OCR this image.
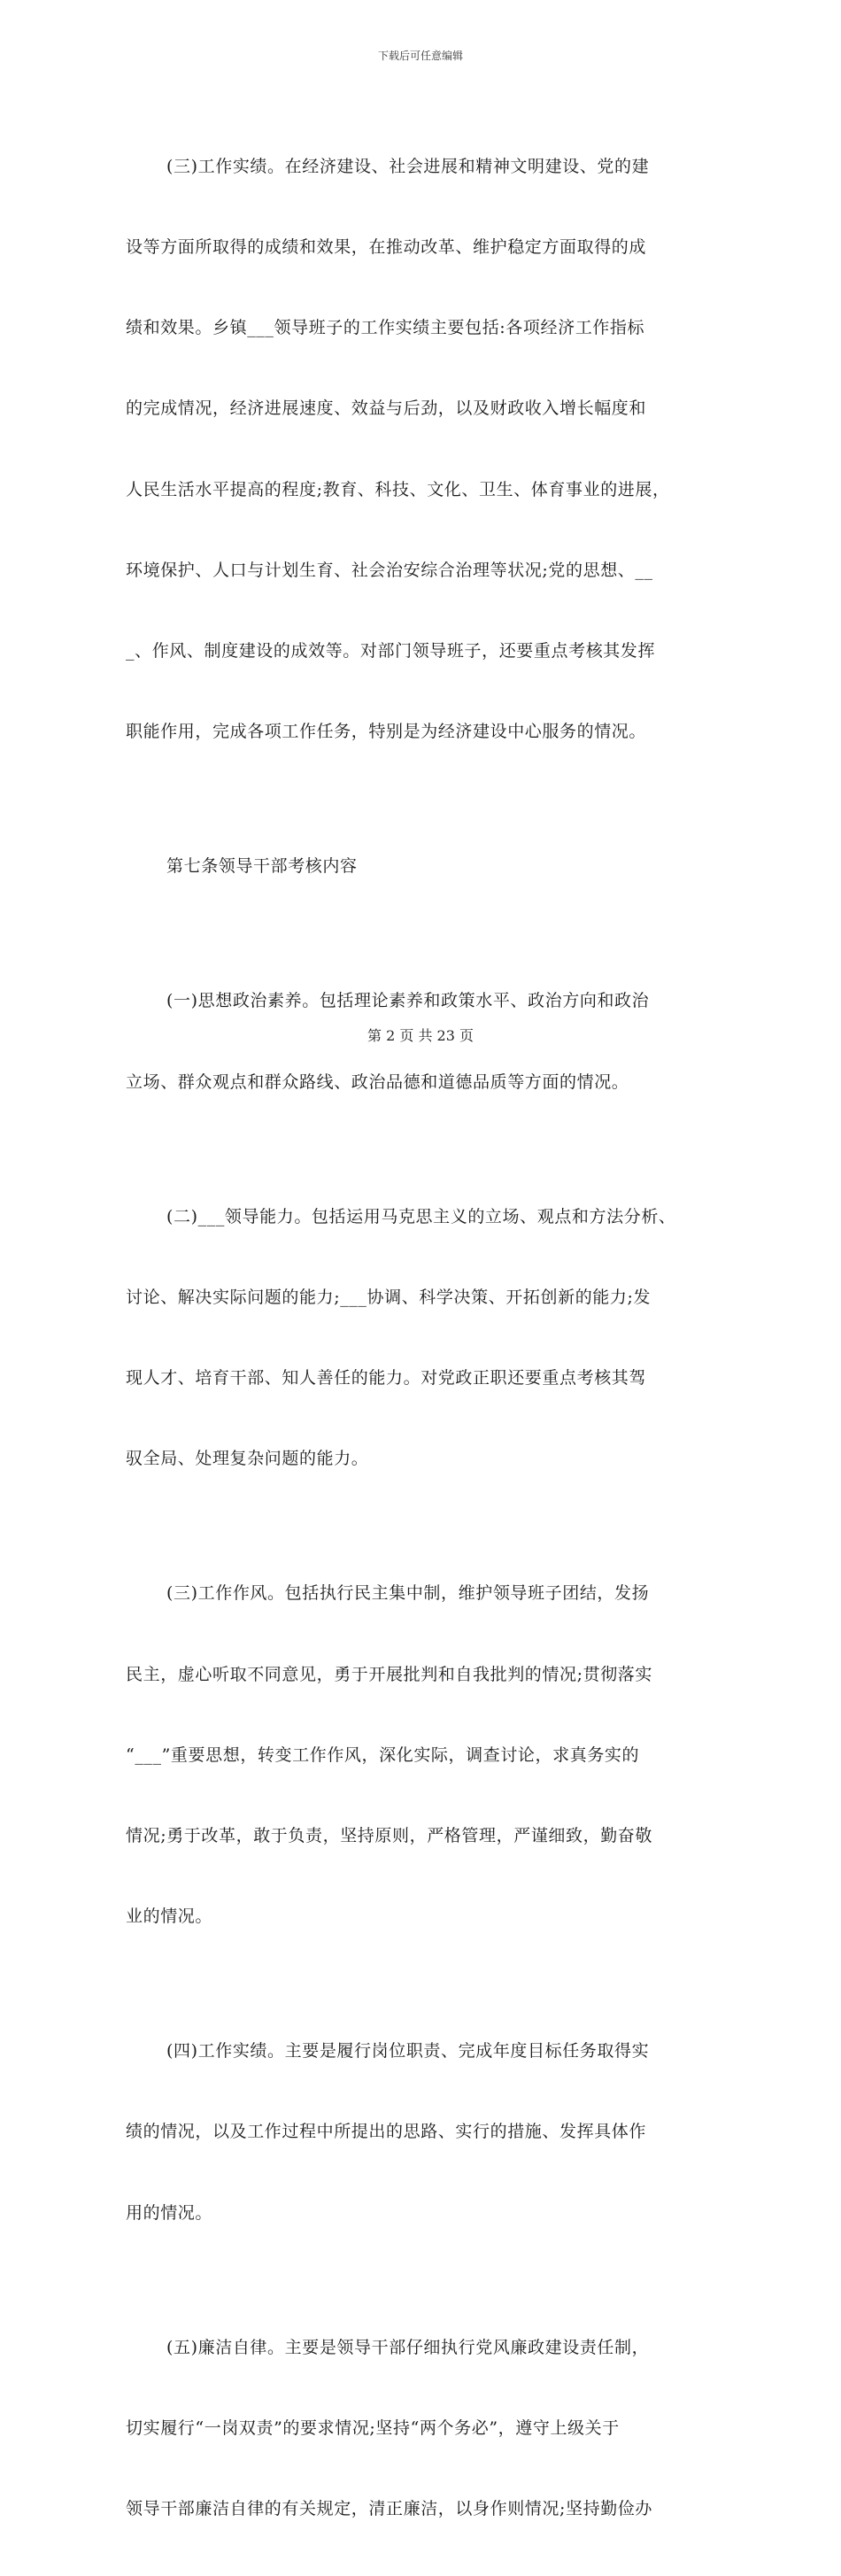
下载后可任意编辑

(三)工作实绩。在经济建设、社会进展和精神文明建设、党的建

设等方面所取得的成绩和效果，在推动改革、维护稳定方面取得的成

绩和效果。乡镇___领导班子的工作实绩主要包括:各项经济工作指标

的完成情况，经济进展速度、效益与后劲，以及财政收入增长幅度和

人民生活水平提高的程度;教育、科技、文化、卫生、体育事业的进展，

环境保护、人口与计划生育、社会治安综合治理等状况;党的思想、__

_、作风、制度建设的成效等。对部门领导班子，还要重点考核其发挥

职能作用，完成各项工作任务，特别是为经济建设中心服务的情况。

第七条领导干部考核内容

(一)思想政治素养。包括理论素养和政策水平、政治方向和政治

立场、群众观点和群众路线、政治品德和道德品质等方面的情况。

(二)___领导能力。包括运用马克思主义的立场、观点和方法分析、

讨论、解决实际问题的能力;___协调、科学决策、开拓创新的能力;发

现人才、培育干部、知人善任的能力。对党政正职还要重点考核其驾

驭全局、处理复杂问题的能力。

(三)工作作风。包括执行民主集中制，维护领导班子团结，发扬

民主，虚心听取不同意见，勇于开展批判和自我批判的情况;贯彻落实

“___”重要思想，转变工作作风，深化实际，调查讨论，求真务实的

情况;勇于改革，敢于负责，坚持原则，严格管理，严谨细致，勤奋敬

业的情况。

(四)工作实绩。主要是履行岗位职责、完成年度目标任务取得实

绩的情况，以及工作过程中所提出的思路、实行的措施、发挥具体作

用的情况。

(五)廉洁自律。主要是领导干部仔细执行党风廉政建设责任制，

切实履行“一岗双责”的要求情况;坚持“两个务必”，遵守上级关于

领导干部廉洁自律的有关规定，清正廉洁，以身作则情况;坚持勤俭办

第 2 页 共 23 页
